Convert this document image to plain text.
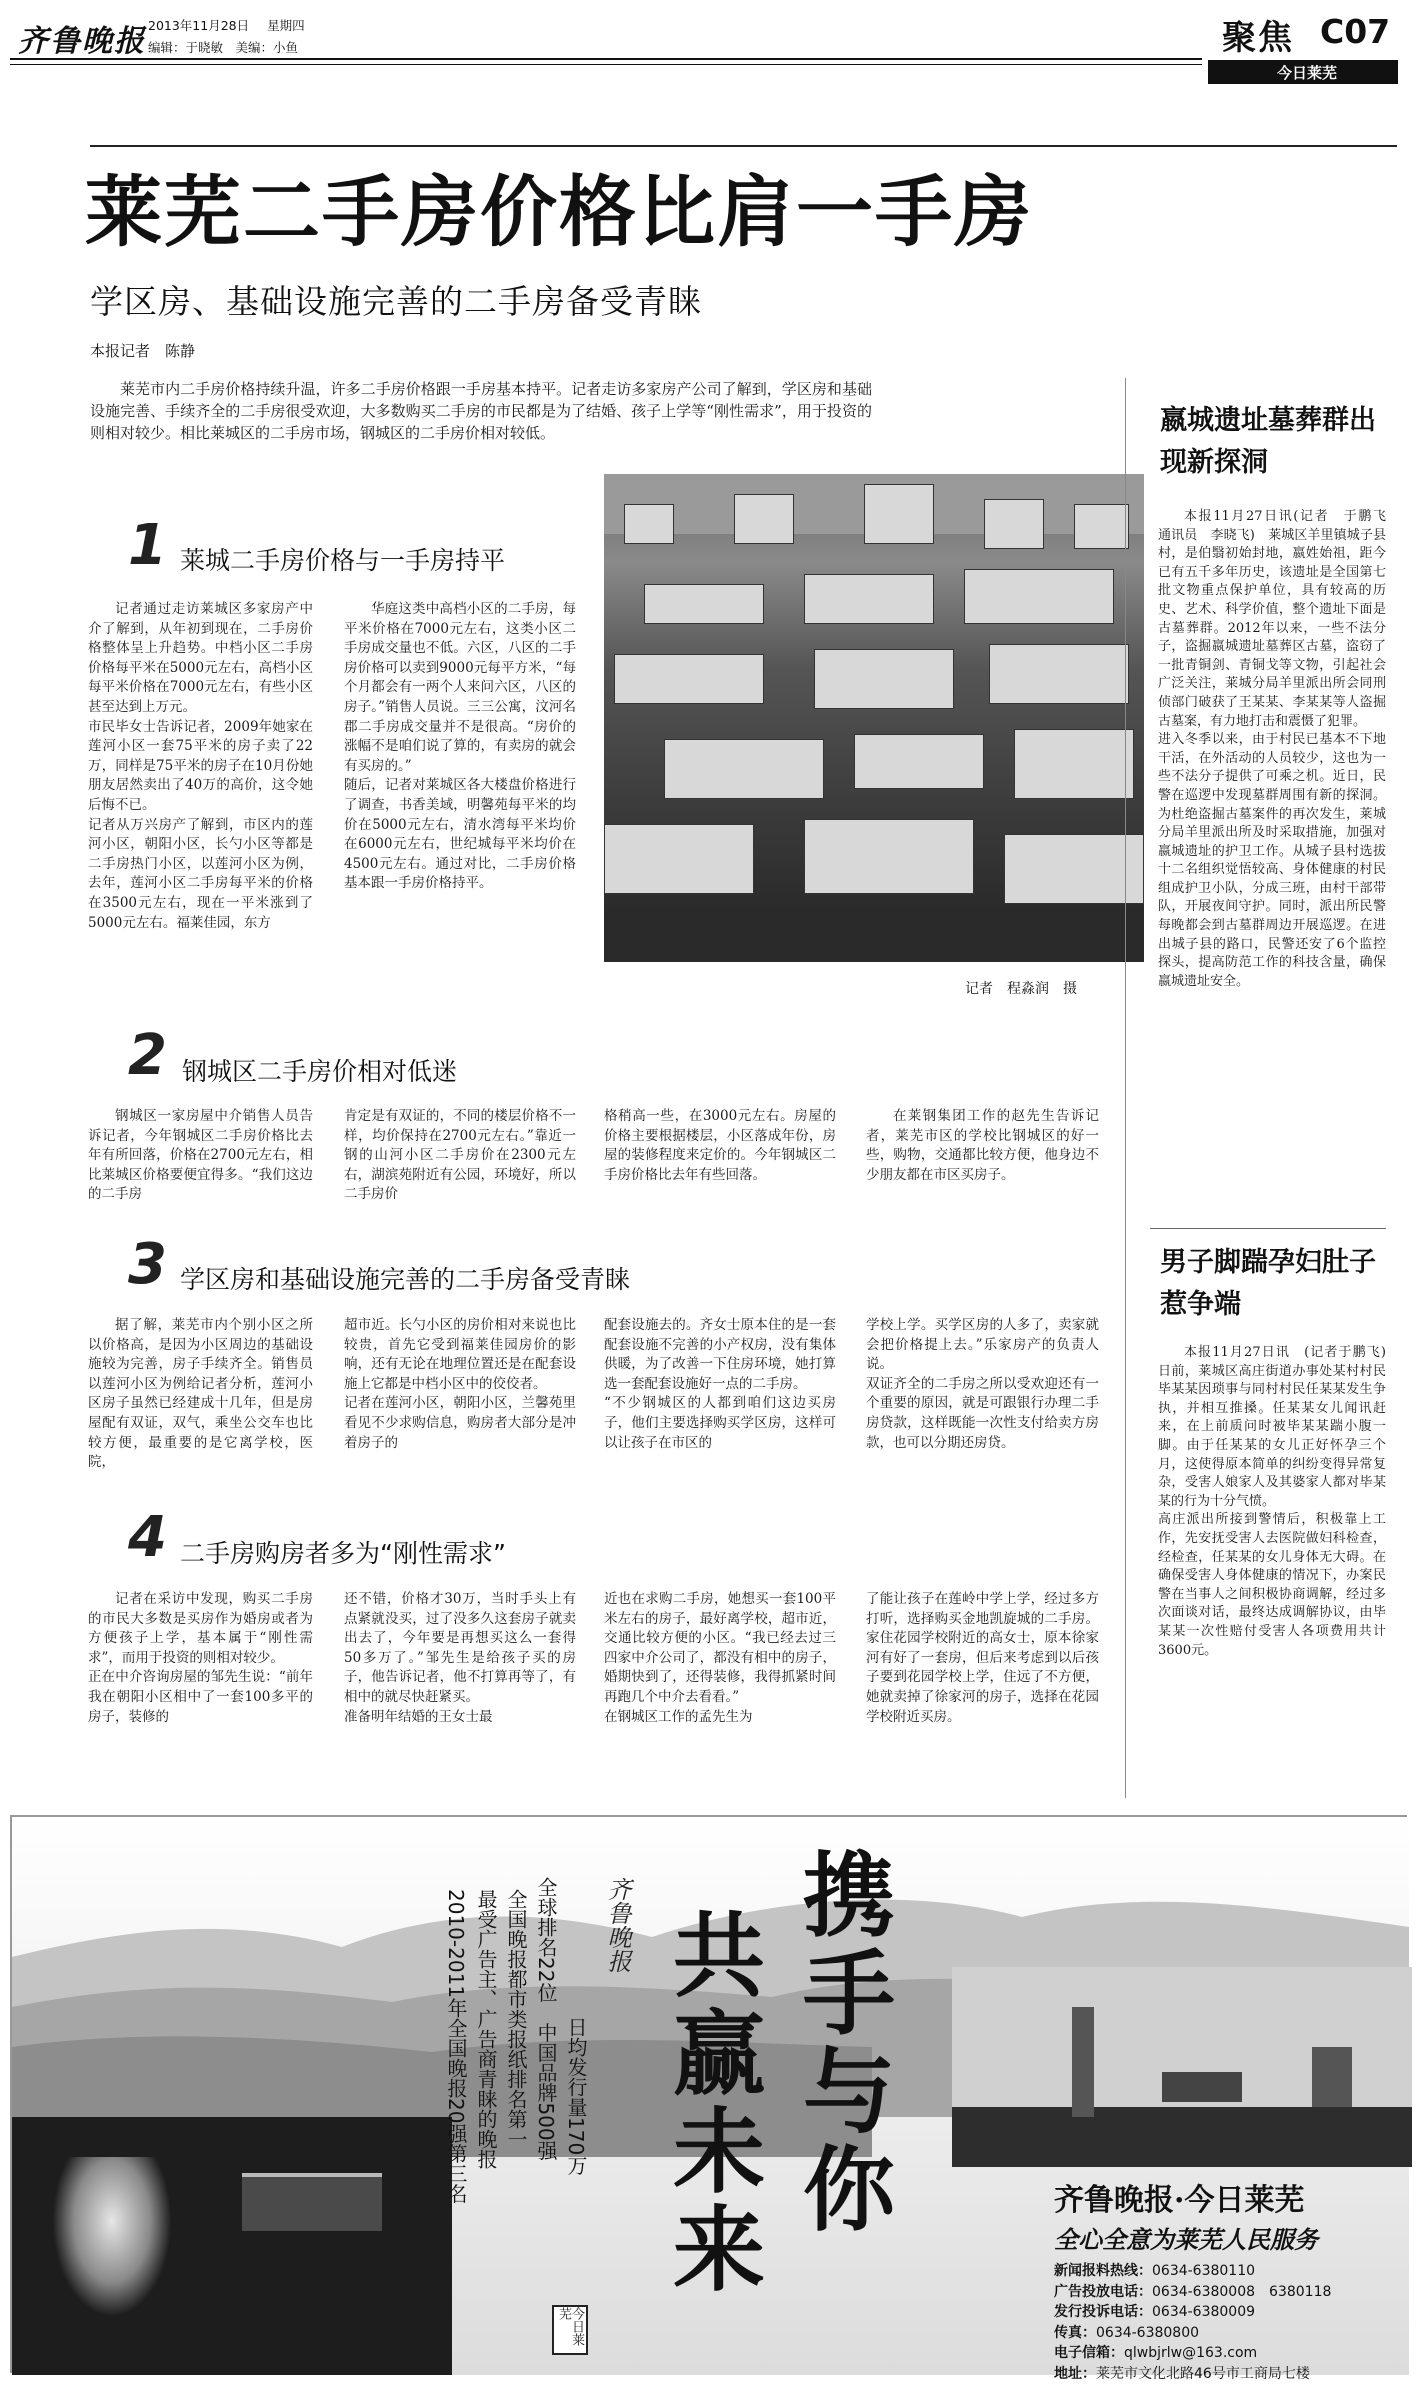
齐鲁晚报 2013年11月28日 星期四
编辑：于晓敏　美编：小鱼	聚焦 C07
今日莱芜
莱芜二手房价格比肩一手房
学区房、基础设施完善的二手房备受青睐
本报记者　陈静
莱芜市内二手房价格持续升温，许多二手房价格跟一手房基本持平。记者走访多家房产公司了解到，学区房和基础设施完善、手续齐全的二手房很受欢迎，大多数购买二手房的市民都是为了结婚、孩子上学等“刚性需求”，用于投资的则相对较少。相比莱城区的二手房市场，钢城区的二手房价相对较低。
记者　程淼润　摄
1 莱城二手房价格与一手房持平
记者通过走访莱城区多家房产中介了解到，从年初到现在，二手房价格整体呈上升趋势。中档小区二手房价格每平米在5000元左右，高档小区每平米价格在7000元左右，有些小区甚至达到上万元。
市民毕女士告诉记者，2009年她家在莲河小区一套75平米的房子卖了22万，同样是75平米的房子在10月份她朋友居然卖出了40万的高价，这令她后悔不已。
记者从万兴房产了解到，市区内的莲河小区，朝阳小区，长勺小区等都是二手房热门小区，以莲河小区为例，去年，莲河小区二手房每平米的价格在3500元左右，现在一平米涨到了5000元左右。福莱佳园，东方
华庭这类中高档小区的二手房，每平米价格在7000元左右，这类小区二手房成交量也不低。六区，八区的二手房价格可以卖到9000元每平方米，“每个月都会有一两个人来问六区，八区的房子。”销售人员说。三三公寓，汶河名郡二手房成交量并不是很高。“房价的涨幅不是咱们说了算的，有卖房的就会有买房的。”
随后，记者对莱城区各大楼盘价格进行了调查，书香美域，明馨苑每平米的均价在5000元左右，清水湾每平米均价在6000元左右，世纪城每平米均价在4500元左右。通过对比，二手房价格基本跟一手房价格持平。
2 钢城区二手房价相对低迷
钢城区一家房屋中介销售人员告诉记者，今年钢城区二手房价格比去年有所回落，价格在2700元左右，相比莱城区价格要便宜得多。“我们这边的二手房
肯定是有双证的，不同的楼层价格不一样，均价保持在2700元左右。”靠近一钢的山河小区二手房价在2300元左右，湖滨苑附近有公园，环境好，所以二手房价
格稍高一些，在3000元左右。房屋的价格主要根据楼层，小区落成年份，房屋的装修程度来定价的。今年钢城区二手房价格比去年有些回落。
在莱钢集团工作的赵先生告诉记者，莱芜市区的学校比钢城区的好一些，购物，交通都比较方便，他身边不少朋友都在市区买房子。
3 学区房和基础设施完善的二手房备受青睐
据了解，莱芜市内个别小区之所以价格高，是因为小区周边的基础设施较为完善，房子手续齐全。销售员以莲河小区为例给记者分析，莲河小区房子虽然已经建成十几年，但是房屋配有双证，双气，乘坐公交车也比较方便，最重要的是它离学校，医院，
超市近。长勺小区的房价相对来说也比较贵，首先它受到福莱佳园房价的影响，还有无论在地理位置还是在配套设施上它都是中档小区中的佼佼者。
记者在莲河小区，朝阳小区，兰馨苑里看见不少求购信息，购房者大部分是冲着房子的
配套设施去的。齐女士原本住的是一套配套设施不完善的小产权房，没有集体供暖，为了改善一下住房环境，她打算选一套配套设施好一点的二手房。
“不少钢城区的人都到咱们这边买房子，他们主要选择购买学区房，这样可以让孩子在市区的
学校上学。买学区房的人多了，卖家就会把价格提上去。”乐家房产的负责人说。
双证齐全的二手房之所以受欢迎还有一个重要的原因，就是可跟银行办理二手房贷款，这样既能一次性支付给卖方房款，也可以分期还房贷。
4 二手房购房者多为“刚性需求”
记者在采访中发现，购买二手房的市民大多数是买房作为婚房或者为方便孩子上学，基本属于“刚性需求”，而用于投资的则相对较少。
正在中介咨询房屋的邹先生说：“前年我在朝阳小区相中了一套100多平的房子，装修的
还不错，价格才30万，当时手头上有点紧就没买，过了没多久这套房子就卖出去了，今年要是再想买这么一套得50多万了。”邹先生是给孩子买的房子，他告诉记者，他不打算再等了，有相中的就尽快赶紧买。
准备明年结婚的王女士最
近也在求购二手房，她想买一套100平米左右的房子，最好离学校，超市近，交通比较方便的小区。“我已经去过三四家中介公司了，都没有相中的房子，婚期快到了，还得装修，我得抓紧时间再跑几个中介去看看。”
在钢城区工作的孟先生为
了能让孩子在莲岭中学上学，经过多方打听，选择购买金地凯旋城的二手房。家住花园学校附近的高女士，原本徐家河有好了一套房，但后来考虑到以后孩子要到花园学校上学，住远了不方便，她就卖掉了徐家河的房子，选择在花园学校附近买房。
嬴城遗址墓葬群出现新探洞
本报11月27日讯(记者　于鹏飞　通讯员　李晓飞)　莱城区羊里镇城子县村，是伯翳初始封地，嬴姓始祖，距今已有五千多年历史，该遗址是全国第七批文物重点保护单位，具有较高的历史、艺术、科学价值，整个遗址下面是古墓葬群。2012年以来，一些不法分子，盗掘嬴城遗址墓葬区古墓，盗窃了一批青铜剑、青铜戈等文物，引起社会广泛关注，莱城分局羊里派出所会同刑侦部门破获了王某某、李某某等人盗掘古墓案，有力地打击和震慑了犯罪。
进入冬季以来，由于村民已基本不下地干活，在外活动的人员较少，这也为一些不法分子提供了可乘之机。近日，民警在巡逻中发现墓群周围有新的探洞。为杜绝盗掘古墓案件的再次发生，莱城分局羊里派出所及时采取措施，加强对嬴城遗址的护卫工作。从城子县村选拔十二名组织觉悟较高、身体健康的村民组成护卫小队，分成三班，由村干部带队，开展夜间守护。同时，派出所民警每晚都会到古墓群周边开展巡逻。在进出城子县的路口，民警还安了6个监控探头，提高防范工作的科技含量，确保嬴城遗址安全。
男子脚踹孕妇肚子惹争端
本报11月27日讯　(记者于鹏飞)　日前，莱城区高庄街道办事处某村村民毕某某因琐事与同村村民任某某发生争执，并相互推搡。任某某女儿闻讯赶来，在上前质问时被毕某某踹小腹一脚。由于任某某的女儿正好怀孕三个月，这使得原本简单的纠纷变得异常复杂，受害人娘家人及其婆家人都对毕某某的行为十分气愤。
高庄派出所接到警情后，积极靠上工作，先安抚受害人去医院做妇科检查，经检查，任某某的女儿身体无大碍。在确保受害人身体健康的情况下，办案民警在当事人之间积极协商调解，经过多次面谈对话，最终达成调解协议，由毕某某一次性赔付受害人各项费用共计3600元。
携手与你
共赢未来
齐鲁晚报
日均发行量170万
全球排名22位　中国品牌500强
全国晚报都市类报纸排名第一
最受广告主、广告商青睐的晚报
2010-2011年全国晚报20强第三名
今日莱芜
齐鲁晚报·今日莱芜
全心全意为莱芜人民服务
新闻报料热线：0634-6380110
广告投放电话：0634-6380008　6380118
发行投诉电话：0634-6380009
传真：0634-6380800
电子信箱：qlwbjrlw@163.com
地址：莱芜市文化北路46号市工商局七楼
